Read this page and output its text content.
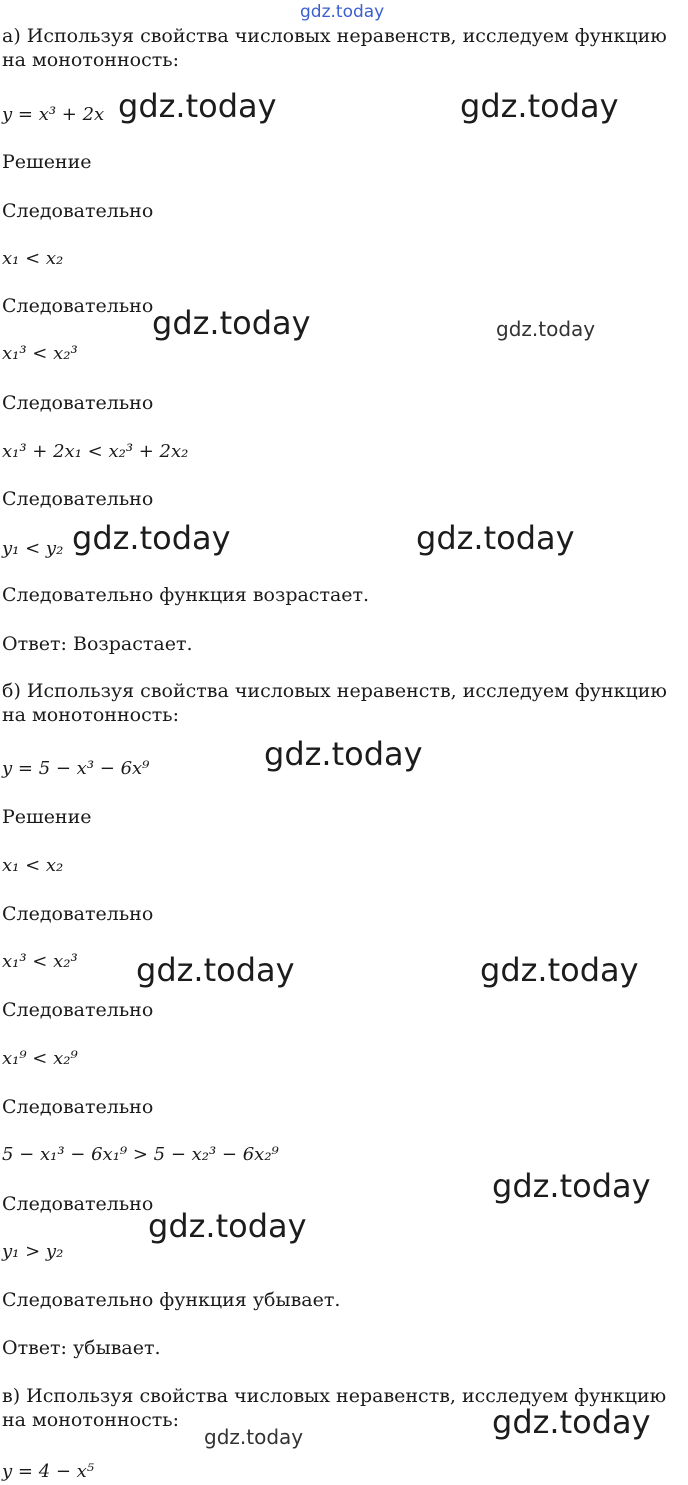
gdz.today
а) Используя свойства числовых неравенств, исследуем функцию на монотонность:
y = x³ + 2x
Решение
Следовательно
x₁ < x₂
Следовательно
x₁³ < x₂³
Следовательно
x₁³ + 2x₁ < x₂³ + 2x₂
Следовательно
y₁ < y₂
Следовательно функция возрастает.
Ответ: Возрастает.
б) Используя свойства числовых неравенств, исследуем функцию на монотонность:
y = 5 − x³ − 6x⁹
Решение
x₁ < x₂
Следовательно
x₁³ < x₂³
Следовательно
x₁⁹ < x₂⁹
Следовательно
5 − x₁³ − 6x₁⁹ > 5 − x₂³ − 6x₂⁹
Следовательно
y₁ > y₂
Следовательно функция убывает.
Ответ: убывает.
в) Используя свойства числовых неравенств, исследуем функцию на монотонность:
y = 4 − x⁵
gdz.today	gdz.today
gdz.today	gdz.today
gdz.today	gdz.today
gdz.today
gdz.today	gdz.today
gdz.today
gdz.today
gdz.today
gdz.today
